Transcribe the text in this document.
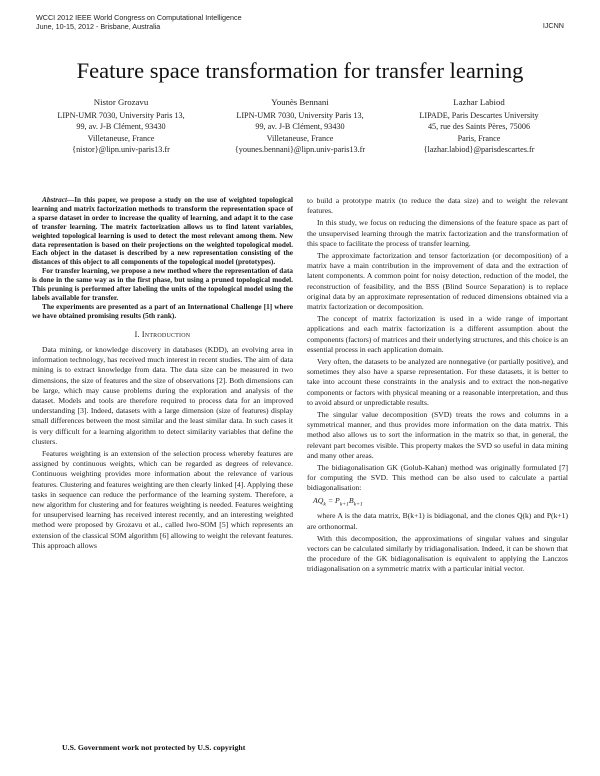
WCCI 2012 IEEE World Congress on Computational Intelligence
June, 10-15, 2012 - Brisbane, Australia	IJCNN
Feature space transformation for transfer learning
Nistor Grozavu
LIPN-UMR 7030, University Paris 13,
99, av. J-B Clément, 93430
Villetaneuse, France
{nistor}@lipn.univ-paris13.fr
Younès Bennani
LIPN-UMR 7030, University Paris 13,
99, av. J-B Clément, 93430
Villetaneuse, France
{younes.bennani}@lipn.univ-paris13.fr
Lazhar Labiod
LIPADE, Paris Descartes University
45, rue des Saints Pères, 75006
Paris, France
{lazhar.labiod}@parisdescartes.fr

Abstract—In this paper, we propose a study on the use of weighted topological learning and matrix factorization methods to transform the representation space of a sparse dataset in order to increase the quality of learning, and adapt it to the case of transfer learning. The matrix factorization allows us to find latent variables, weighted topological learning is used to detect the most relevant among them. New data representation is based on their projections on the weighted topological model. Each object in the dataset is described by a new representation consisting of the distances of this object to all components of the topological model (prototypes).

For transfer learning, we propose a new method where the representation of data is done in the same way as in the first phase, but using a pruned topological model. This pruning is performed after labeling the units of the topological model using the labels available for transfer.

The experiments are presented as a part of an International Challenge [1] where we have obtained promising results (5th rank).

I. Introduction

Data mining, or knowledge discovery in databases (KDD), an evolving area in information technology, has received much interest in recent studies. The aim of data mining is to extract knowledge from data. The data size can be measured in two dimensions, the size of features and the size of observations [2]. Both dimensions can be large, which may cause problems during the exploration and analysis of the dataset. Models and tools are therefore required to process data for an improved understanding [3]. Indeed, datasets with a large dimension (size of features) display small differences between the most similar and the least similar data. In such cases it is very difficult for a learning algorithm to detect similarity variables that define the clusters.

Features weighting is an extension of the selection process whereby features are assigned by continuous weights, which can be regarded as degrees of relevance. Continuous weighting provides more information about the relevance of various features. Clustering and features weighting are then clearly linked [4]. Applying these tasks in sequence can reduce the performance of the learning system. Therefore, a new algorithm for clustering and for features weighting is needed. Features weighting for unsupervised learning has received interest recently, and an interesting weighted method were proposed by Grozavu et al., called lwo-SOM [5] which represents an extension of the classical SOM algorithm [6] allowing to weight the relevant features. This approach allows

to build a prototype matrix (to reduce the data size) and to weight the relevant features.

In this study, we focus on reducing the dimensions of the feature space as part of the unsupervised learning through the matrix factorization and the transformation of this space to facilitate the process of transfer learning.

The approximate factorization and tensor factorization (or decomposition) of a matrix have a main contribution in the improvement of data and the extraction of latent components. A common point for noisy detection, reduction of the model, the reconstruction of feasibility, and the BSS (Blind Source Separation) is to replace original data by an approximate representation of reduced dimensions obtained via a matrix factorization or decomposition.

The concept of matrix factorization is used in a wide range of important applications and each matrix factorization is a different assumption about the components (factors) of matrices and their underlying structures, and this choice is an essential process in each application domain.

Very often, the datasets to be analyzed are nonnegative (or partially positive), and sometimes they also have a sparse representation. For these datasets, it is better to take into account these constraints in the analysis and to extract the non-negative components or factors with physical meaning or a reasonable interpretation, and thus to avoid absurd or unpredictable results.

The singular value decomposition (SVD) treats the rows and columns in a symmetrical manner, and thus provides more information on the data matrix. This method also allows us to sort the information in the matrix so that, in general, the relevant part becomes visible. This property makes the SVD so useful in data mining and many other areas.

The bidiagonalisation GK (Golub-Kahan) method was originally formulated [7] for computing the SVD. This method can be also used to calculate a partial bidiagonalisation:

$AQ_k = P_{k+1}B_{k+1}$

where A is the data matrix, B(k+1) is bidiagonal, and the clones Q(k) and P(k+1) are orthonormal.

With this decomposition, the approximations of singular values and singular vectors can be calculated similarly by tridiagonalisation. Indeed, it can be shown that the procedure of the GK bidiagonalisation is equivalent to applying the Lanczos tridiagonalisation on a symmetric matrix with a particular initial vector.

U.S. Government work not protected by U.S. copyright
